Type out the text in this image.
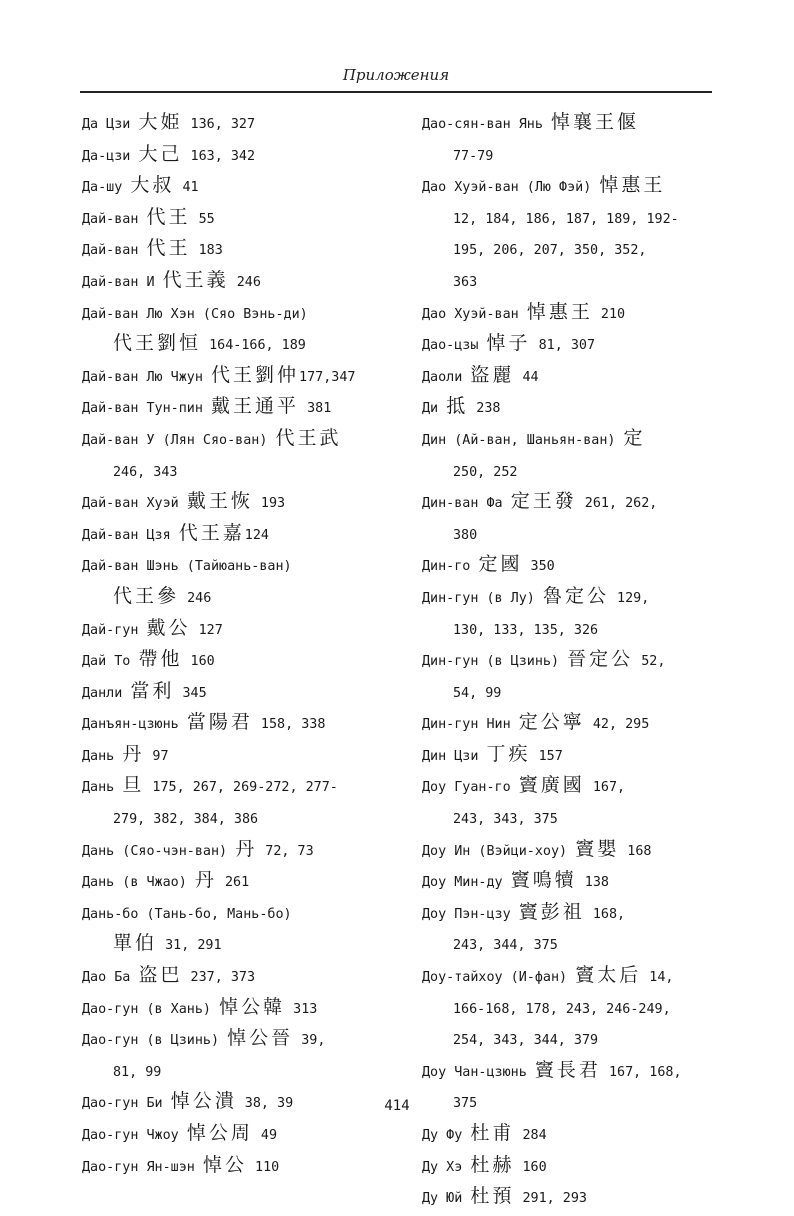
Приложения
Да Цзи 大姫 136, 327
Да-цзи 大己 163, 342
Да-шу 大叔 41
Дай-ван 代王 55
Дай-ван 代王 183
Дай-ван И 代王義 246
Дай-ван Лю Хэн (Сяо Вэнь-ди)
代王劉恒 164-166, 189
Дай-ван Лю Чжун 代王劉仲177,347
Дай-ван Тун-пин 戴王通平 381
Дай-ван У (Лян Сяо-ван) 代王武
246, 343
Дай-ван Хуэй 戴王恢 193
Дай-ван Цзя 代王嘉124
Дай-ван Шэнь (Тайюань-ван)
代王參 246
Дай-гун 戴公 127
Дай То 帶他 160
Данли 當利 345
Данъян-цзюнь 當陽君 158, 338
Дань 丹 97
Дань 旦 175, 267, 269-272, 277-
279, 382, 384, 386
Дань (Сяо-чэн-ван) 丹 72, 73
Дань (в Чжао) 丹 261
Дань-бо (Тань-бо, Мань-бо)
單伯 31, 291
Дао Ба 盗巴 237, 373
Дао-гун (в Хань) 悼公韓 313
Дао-гун (в Цзинь) 悼公晉 39,
81, 99
Дао-гун Би 悼公潰 38, 39
Дао-гун Чжоу 悼公周 49
Дао-гун Ян-шэн 悼公 110
Дао-сян-ван Янь 悼襄王偃
77-79
Дао Хуэй-ван (Лю Фэй) 悼惠王
12, 184, 186, 187, 189, 192-
195, 206, 207, 350, 352,
363
Дао Хуэй-ван 悼惠王 210
Дао-цзы 悼子 81, 307
Даоли 盜麗 44
Ди 抵 238
Дин (Ай-ван, Шаньян-ван) 定
250, 252
Дин-ван Фа 定王發 261, 262,
380
Дин-го 定國 350
Дин-гун (в Лу) 魯定公 129,
130, 133, 135, 326
Дин-гун (в Цзинь) 晉定公 52,
54, 99
Дин-гун Нин 定公寧 42, 295
Дин Цзи 丁疾 157
Доу Гуан-го 竇廣國 167,
243, 343, 375
Доу Ин (Вэйци-хоу) 竇嬰 168
Доу Мин-ду 竇鳴犢 138
Доу Пэн-цзу 竇彭祖 168,
243, 344, 375
Доу-тайхоу (И-фан) 竇太后 14,
166-168, 178, 243, 246-249,
254, 343, 344, 379
Доу Чан-цзюнь 竇長君 167, 168,
375
Ду Фу 杜甫 284
Ду Хэ 杜赫 160
Ду Юй 杜預 291, 293
414
